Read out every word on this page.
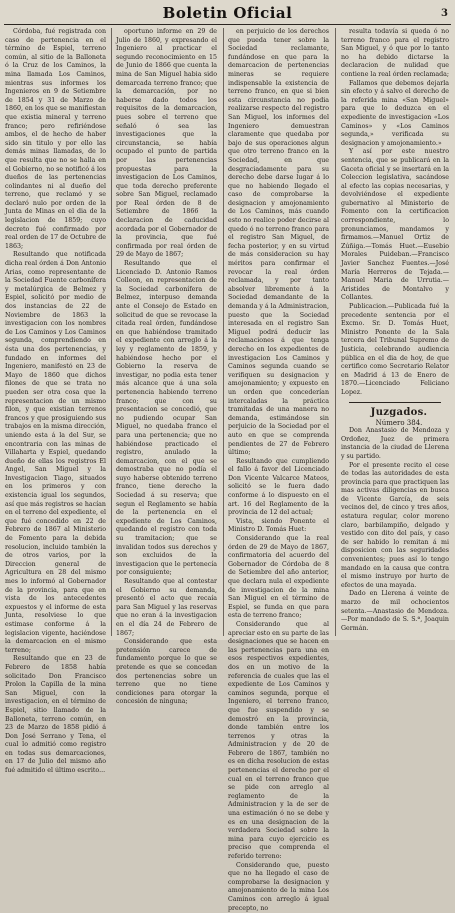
Boletin Oficial	3

Córdoba, fué registrada con caso de pertenencia en el término de Espiel, terreno común, al sitio de la Balloneta ó la Cruz de los Caminos, la mina llamada Los Caminos, mientras sus informes los Ingenieros en 9 de Setiembre de 1854 y 31 de Marzo de 1860, en los que se manifiestan que existia mineral y terreno franco; pero refiriéndose ambos, el de hecho de haber sido sin titulo y por ello las demás minas llamadas, de lo que resulta que no se halla en el Gobierno, no se notificó á los dueños de las pertenencias colindantes ni al dueño del terreno, que reclamó y se declaró nulo por orden de la Junta de Minas en el dia de la legislacion de 1859; cuyo decreto fué confirmado por real orden de 17 de Octubre de 1863;

Resultando que notificada dicha real órden á Don Antonio Arias, como representante de la Sociedad Fuente carbonífera y metalúrgica de Belmez y Espiel, solicitó por medio de dos instancias de 22 de Noviembre de 1863 la investigacion con los nombres de Los Caminos y Los Caminos segunda, comprendiendo en ésta una dos pertenencias, y fundado en informes del Ingeniero, manifestó en 23 de Mayo de 1860 que dichos filones de que se trata no pueden ser otra cosa que la representacion de un mismo filon, y que existian terrenos francos y que prosiguiendo sus trabajos en la misma dirección, uniendo esta á la del Sur, se encontraria con las minas de Villaharta y Espiel, quedando dueño de ellas los registros El Angel, San Miguel y la Investigacion Tiago, situados en los primeros y con existencia igual los segundos, así que más registros se hacían en el terreno del expediente, el que fué concedido en 22 de Febrero de 1867 al Ministerio de Fomento para la debida resolucion, incluido también la de otros varios, por la Direccion general de Agricultura en 28 del mismo mes lo informó al Gobernador de la provincia, para que en vista de los antecedentes expuestos y el informe de esta Junta, resolviese lo que estimase conforme á la legislacion vigente, haciéndose la demarcacion en el mismo terreno;

Resultando que en 23 de Febrero de 1858 había solicitado Don Francisco Prolon la Capilla de la mina San Miguel, con la investigacion, en el término de Espiel, sitio llamado de la Balloneta, terreno común, en 23 de Marzo de 1858 pidió á Don José Serrano y Tena, el cual lo admitió como registro en todas sus demarcaciones, en 17 de Julio del mismo año fué admitido el último escrito...

oportuno informe en 29 de Julio de 1860, y expresando el Ingeniero al practicar el segundo reconocimiento en 15 de Junio de 1866 que cuenta la mina de San Miguel habia sido demarcada terreno franco; que la demarcación, por no haberse dado todos los requisitos de la demarcacion, pues sobre el terreno que señaló ó sea las investigaciones que la circunstancia, se había ocupado el punto de partida por las pertenencias propuestas para la investigacion de Los Caminos, que toda derecho preferente sobre San Miguel, reclamado por Real órden de 8 de Setiembre de 1866 la declaracion de caducidad acordada por el Gobernador de la provincia, que fué confirmada por real órden de 29 de Mayo de 1867;

Resultando que el Licenciado D. Antonio Ramos Colleon, en representacion de la Sociedad carbonífera de Belmez, interpuso demanda ante el Consejo de Estado en solicitud de que se revocase la citada real órden, fundándose en que habiéndose tramitado el expediente con arreglo á la ley y reglamento de 1859, y habiéndose hecho por el Gobierno la reserva de investigar, no podia esta tener más alcance que á una sola pertenencia habiendo terreno franco; que con su presentacion se concedió, que no pudiendo ocupar San Miguel, no quedaba franco el para una pertenencia; que no habiéndose practicado el registro, anulado la demarcacion, con el que se demostraba que no podía el suyo haberse obtenido terreno franco, tiene derecho la Sociedad á su reserva; que segun el Reglamento se había de la pertenencia en el expediente de Los Caminos, quedando el registro con toda su tramitacion; que se invalidan todos sus derechos y son excluidos de la investigacion que le pertenecía por consiguiente;

Resultando que al contestar el Gobierno su demanda, presentó el acto que recaía para San Miguel y las reservas que no eran á la investigacion en el día 24 de Febrero de 1867;

Considerando que esta pretensión carece de fundamento porque lo que se pretende es que se concedan dos pertenencias sobre un terreno que no tiene condiciones para otorgar la concesión de ninguna;

en perjuicio de los derechos que pueda tener sobre la Sociedad reclamante, fundándose en que para la demarcacion de pertenencias mineras se requiere indispensable la existencia de terreno franco, en que si bien esta circunstancia no podia realizarse respecto del registro San Miguel, los informes del Ingeniero demuestran claramente que quedaba por bajo de sus operaciones algun que otro terreno franco en la Sociedad, en que desgraciadamente para su derecho debe darse lugar á lo que no habiendo llegado el caso de comprobarse la designacion y amojonamiento de Los Caminos, más cuando esto no realice poder decirse al quedo ó no terreno franco para el registro San Miguel, de fecha posterior, y en su virtud de más consideracion su hay méritos para confirmar el revocar la real órden reclamada, y por tanto absolver libremente á la Sociedad demandante de la demanda y á la Administracion, puesto que la Sociedad interesada en el registro San Miguel podrá deducir las reclamaciones á que tenga derecho en los expedientes de investigacion Los Caminos y Caminos segunda cuando se verifiquen su designacion y amojonamiento; y expuesto en un orden que concederían intercaladas la práctica tramitadas de una manera no demanda, estimándose sin perjuicio de la Sociedad por el auto en que se comprenda pendientes de 27 de Febrero último;

Resultando que cumpliendo el fallo á favor del Licenciado Don Vicente Valcarce Mateos, solicitó se le fuera dado conforme á lo dispuesto en el art. 16 del Reglamento de la provincia de 12 del actual;

Vista, siendo Ponente el Ministro D. Tomás Huet:

Considerando que la real órden de 29 de Mayo de 1867, confirmatoria del acuerdo del Gobernador de Córdoba de 8 de Setiembre del año anterior, que declara nula el expediente de investigacion de la mina San Miguel en el término de Espiel, se funda en que para esta de terreno franco;

Considerando que al apreciar esto en su parte de las designaciones que se hacen en las pertenencias para una en esos respectivos expedientes, dos en un motivo de la referencia de cuales que las el expediente de Los Caminos y caminos segunda, porque el Ingeniero, el terreno franco, que fue suspendido y se demostró en la provincia, donde también entre los terrenos y otras la Administracion y de 20 de Febrero de 1867, también no es en dicha resolucion de estas pertenencias el derecho por el cual en el terreno franco que se pide con arreglo al reglamento de la Administracion y la de ser de una estimación ó no se debe y es en una designacion de la verdadera Sociedad sobre la mina para cuyo ejercicio es preciso que comprenda el referido terreno:

Considerando que, puesto que no ha llegado el caso de comprobarse la designacion y amojonamiento de la mina Los Caminos con arreglo á igual precepto, no

resulta todavía si queda ó no terreno franco para el registro San Miguel, y ó que por lo tanto no ha debido dictarse la declaracion de nulidad que contiene la real órden reclamada;

Fallamos que debemos dejarla sin efecto y á salvo el derecho de la referida mina «San Miguel» para que lo deduzca en el expediente de investigacion «Los Caminos» y «Los Caminos segunda,» verificada su designacion y amojonamiento.»

Y así por este nuestro sentencia, que se publicará en la Gaceta oficial y se insertará en la Coleccion legislativa, sacándose al efecto las copias necesarias, y devolviéndose el expediente gubernativo al Ministerio de Fomento con la certificacion correspondiente, lo pronunciamos, mandamos y firmamos.—Manuel Ortiz de Zúñiga.—Tomás Huet.—Eusebio Morales Puideban.—Francisco Javier Sanchez Fuentes.—José María Herreros de Tejada.—Manuel Maria de Urrutia.—Aristides de Montalvo y Collantes.

Publicacion.—Publicada fué la precedente sentencia por el Excmo. Sr. D. Tomás Huet, Ministro Ponente de la Sala tercera del Tribunal Supremo de Justicia, celebrando audiencia pública en el dia de hoy, de que certifico como Secretario Relator en Madrid á 13 de Enero de 1870.—Licenciado Feliciano Lopez.

Juzgados.

Número 384.

Don Anastasio de Mendoza y Ordoñez, Juez de primera instancia de la ciudad de Llerena y su partido.

Por el presente recito el cese de todas las autoridades de esta provincia para que practiquen las mas activas diligencias en busca de Vicente García, de seis vecinos del, de cinco y tres años, estatura regular, color moreno claro, barbilampiño, delgado y vestido con dito del país, y caso de ser habido lo remitan á mi disposicion con las seguridades convenientes; pues así lo tengo mandado en la causa que contra el mismo instruyo por hurto de efectos de una mayada.

Dado en Llerena á veinte de marzo de mil ochocientos setenta.—Anastasio de Mendoza.—Por mandado de S. S.ª, Joaquin Germán.
